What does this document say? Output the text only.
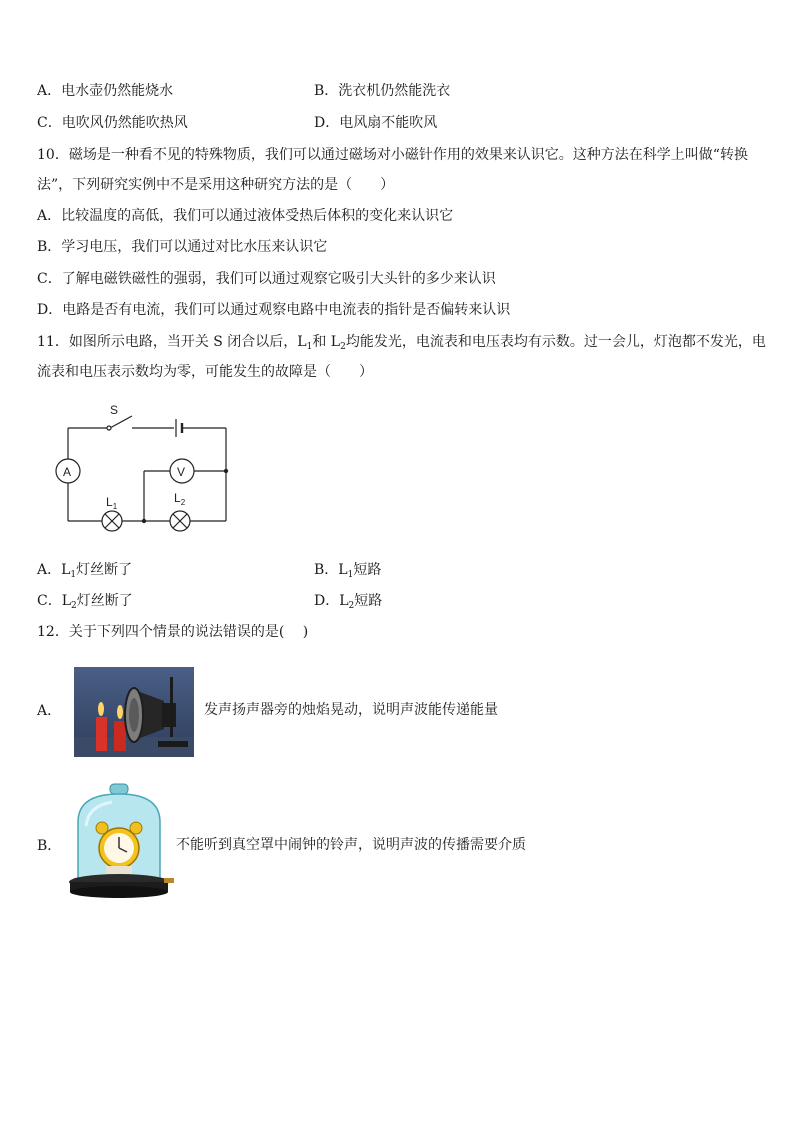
A．电水壶仍然能烧水	B．洗衣机仍然能洗衣
C．电吹风仍然能吹热风	D．电风扇不能吹风
10．磁场是一种看不见的特殊物质，我们可以通过磁场对小磁针作用的效果来认识它。这种方法在科学上叫做“转换
法”，下列研究实例中不是采用这种研究方法的是（　　）
A．比较温度的高低，我们可以通过液体受热后体积的变化来认识它
B．学习电压，我们可以通过对比水压来认识它
C．了解电磁铁磁性的强弱，我们可以通过观察它吸引大头针的多少来认识
D．电路是否有电流，我们可以通过观察电路中电流表的指针是否偏转来认识
11．如图所示电路，当开关 S 闭合以后，$L_1$和 $L_2$均能发光，电流表和电压表均有示数。过一会儿，灯泡都不发光，电
流表和电压表示数均为零，可能发生的故障是（　　）
S
A	V
$L_1$
$L_2$
A．$L_1$灯丝断了	B．$L_1$短路
C．$L_2$灯丝断了	D．$L_2$短路
12．关于下列四个情景的说法错误的是(　 )
A．	发声扬声器旁的烛焰晃动，说明声波能传递能量
B．	不能听到真空罩中闹钟的铃声，说明声波的传播需要介质
